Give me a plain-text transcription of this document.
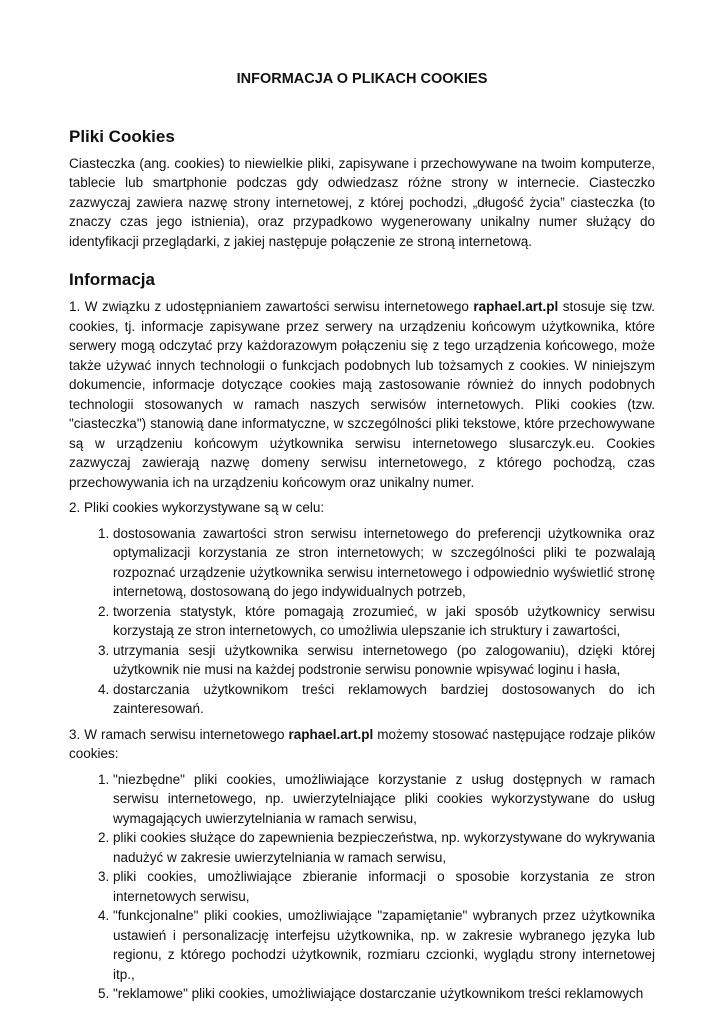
INFORMACJA O PLIKACH COOKIES
Pliki Cookies

Ciasteczka (ang. cookies) to niewielkie pliki, zapisywane i przechowywane na twoim komputerze, tablecie lub smartphonie podczas gdy odwiedzasz różne strony w internecie. Ciasteczko zazwyczaj zawiera nazwę strony internetowej, z której pochodzi, „długość życia” ciasteczka (to znaczy czas jego istnienia), oraz przypadkowo wygenerowany unikalny numer służący do identyfikacji przeglądarki, z jakiej następuje połączenie ze stroną internetową.

Informacja

1. W związku z udostępnianiem zawartości serwisu internetowego raphael.art.pl stosuje się tzw. cookies, tj. informacje zapisywane przez serwery na urządzeniu końcowym użytkownika, które serwery mogą odczytać przy każdorazowym połączeniu się z tego urządzenia końcowego, może także używać innych technologii o funkcjach podobnych lub tożsamych z cookies. W niniejszym dokumencie, informacje dotyczące cookies mają zastosowanie również do innych podobnych technologii stosowanych w ramach naszych serwisów internetowych. Pliki cookies (tzw. "ciasteczka") stanowią dane informatyczne, w szczególności pliki tekstowe, które przechowywane są w urządzeniu końcowym użytkownika serwisu internetowego slusarczyk.eu. Cookies zazwyczaj zawierają nazwę domeny serwisu internetowego, z którego pochodzą, czas przechowywania ich na urządzeniu końcowym oraz unikalny numer.

2. Pliki cookies wykorzystywane są w celu:

1. dostosowania zawartości stron serwisu internetowego do preferencji użytkownika oraz optymalizacji korzystania ze stron internetowych; w szczególności pliki te pozwalają rozpoznać urządzenie użytkownika serwisu internetowego i odpowiednio wyświetlić stronę internetową, dostosowaną do jego indywidualnych potrzeb,
2. tworzenia statystyk, które pomagają zrozumieć, w jaki sposób użytkownicy serwisu korzystają ze stron internetowych, co umożliwia ulepszanie ich struktury i zawartości,
3. utrzymania sesji użytkownika serwisu internetowego (po zalogowaniu), dzięki której użytkownik nie musi na każdej podstronie serwisu ponownie wpisywać loginu i hasła,
4. dostarczania użytkownikom treści reklamowych bardziej dostosowanych do ich zainteresowań.

3. W ramach serwisu internetowego raphael.art.pl możemy stosować następujące rodzaje plików cookies:

1. "niezbędne" pliki cookies, umożliwiające korzystanie z usług dostępnych w ramach serwisu internetowego, np. uwierzytelniające pliki cookies wykorzystywane do usług wymagających uwierzytelniania w ramach serwisu,
2. pliki cookies służące do zapewnienia bezpieczeństwa, np. wykorzystywane do wykrywania nadużyć w zakresie uwierzytelniania w ramach serwisu,
3. pliki cookies, umożliwiające zbieranie informacji o sposobie korzystania ze stron internetowych serwisu,
4. "funkcjonalne" pliki cookies, umożliwiające "zapamiętanie" wybranych przez użytkownika ustawień i personalizację interfejsu użytkownika, np. w zakresie wybranego języka lub regionu, z którego pochodzi użytkownik, rozmiaru czcionki, wyglądu strony internetowej itp.,
5. "reklamowe" pliki cookies, umożliwiające dostarczanie użytkownikom treści reklamowych
